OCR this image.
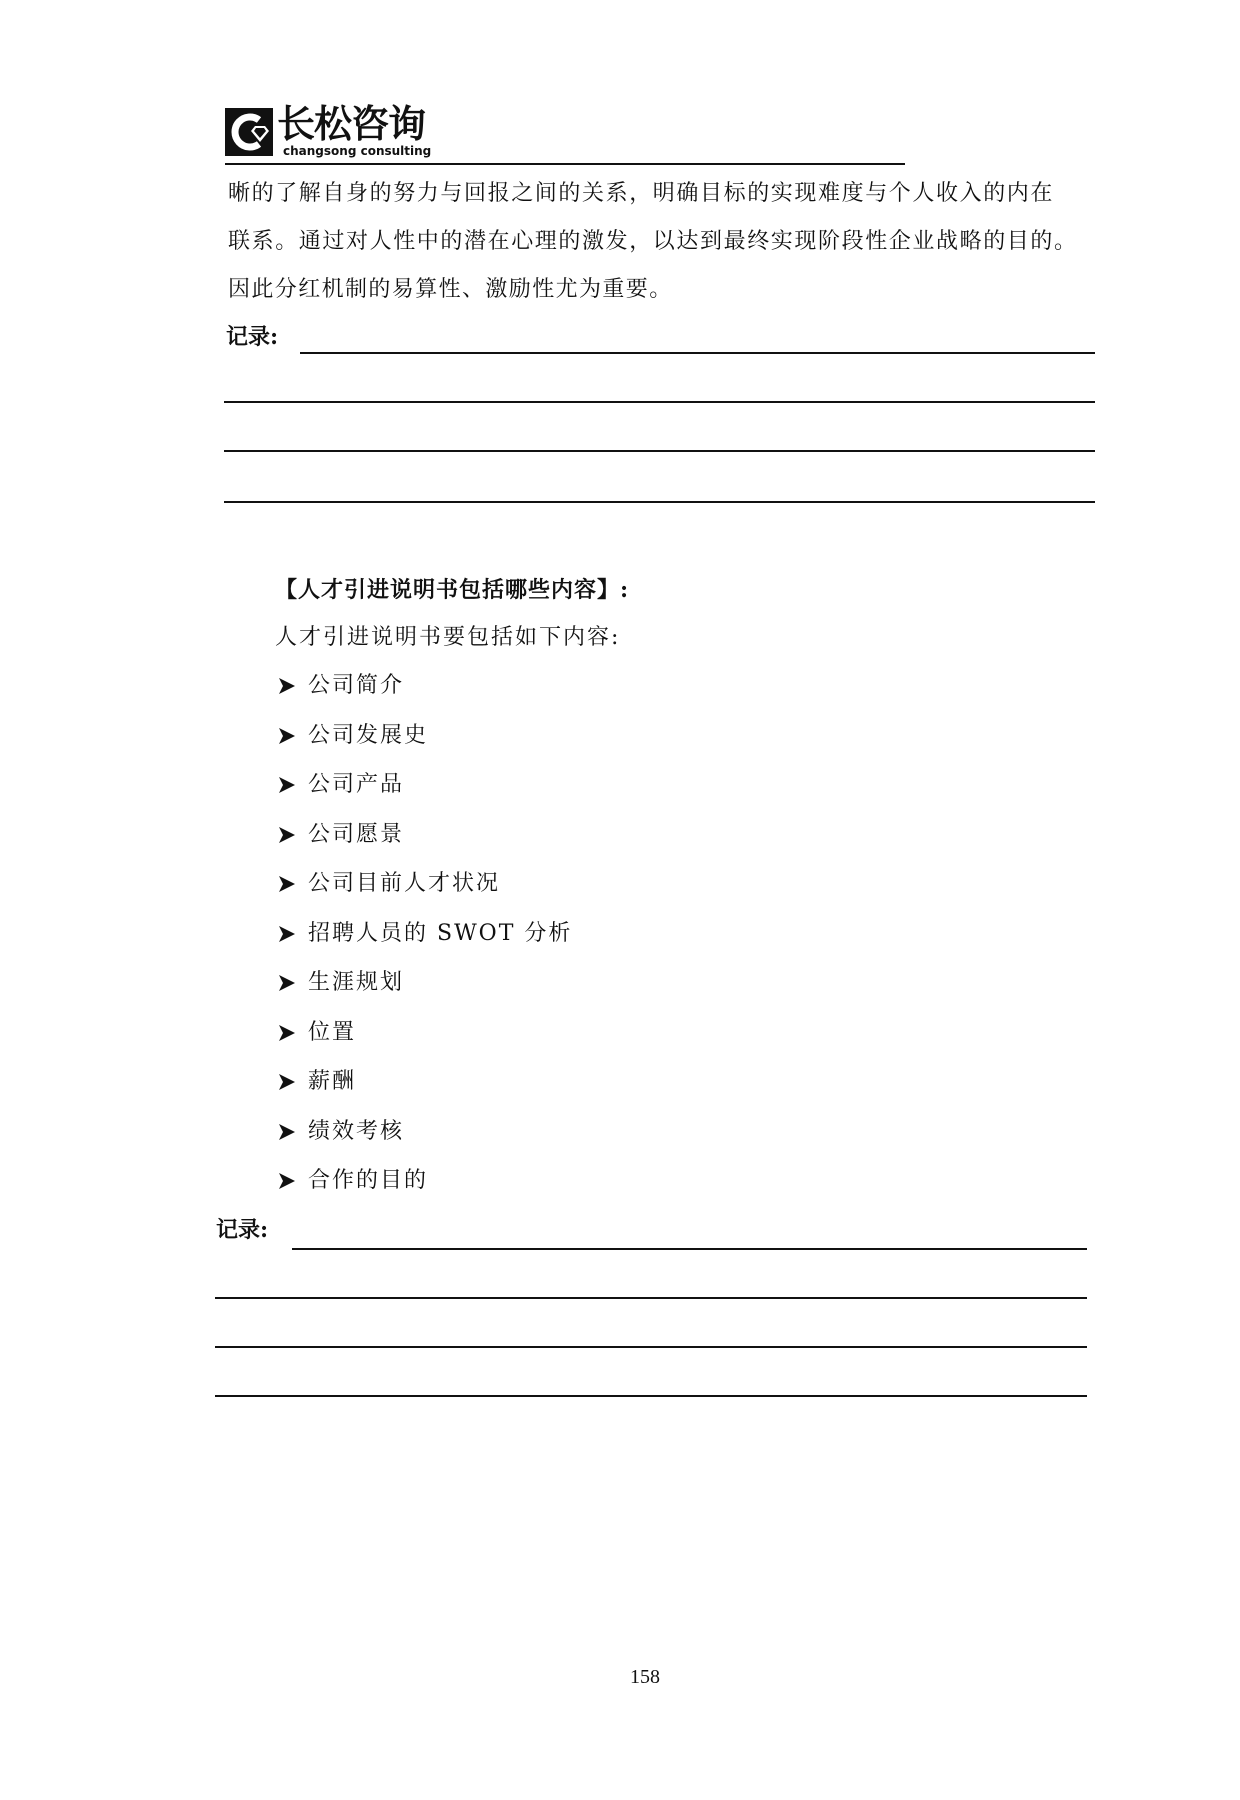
长松咨询
changsong consulting
晰的了解自身的努力与回报之间的关系，明确目标的实现难度与个人收入的内在
联系。通过对人性中的潜在心理的激发，以达到最终实现阶段性企业战略的目的。
因此分红机制的易算性、激励性尤为重要。
记录:
【人才引进说明书包括哪些内容】:
人才引进说明书要包括如下内容:
公司简介
公司发展史
公司产品
公司愿景
公司目前人才状况
招聘人员的 SWOT 分析
生涯规划
位置
薪酬
绩效考核
合作的目的
记录:
158
